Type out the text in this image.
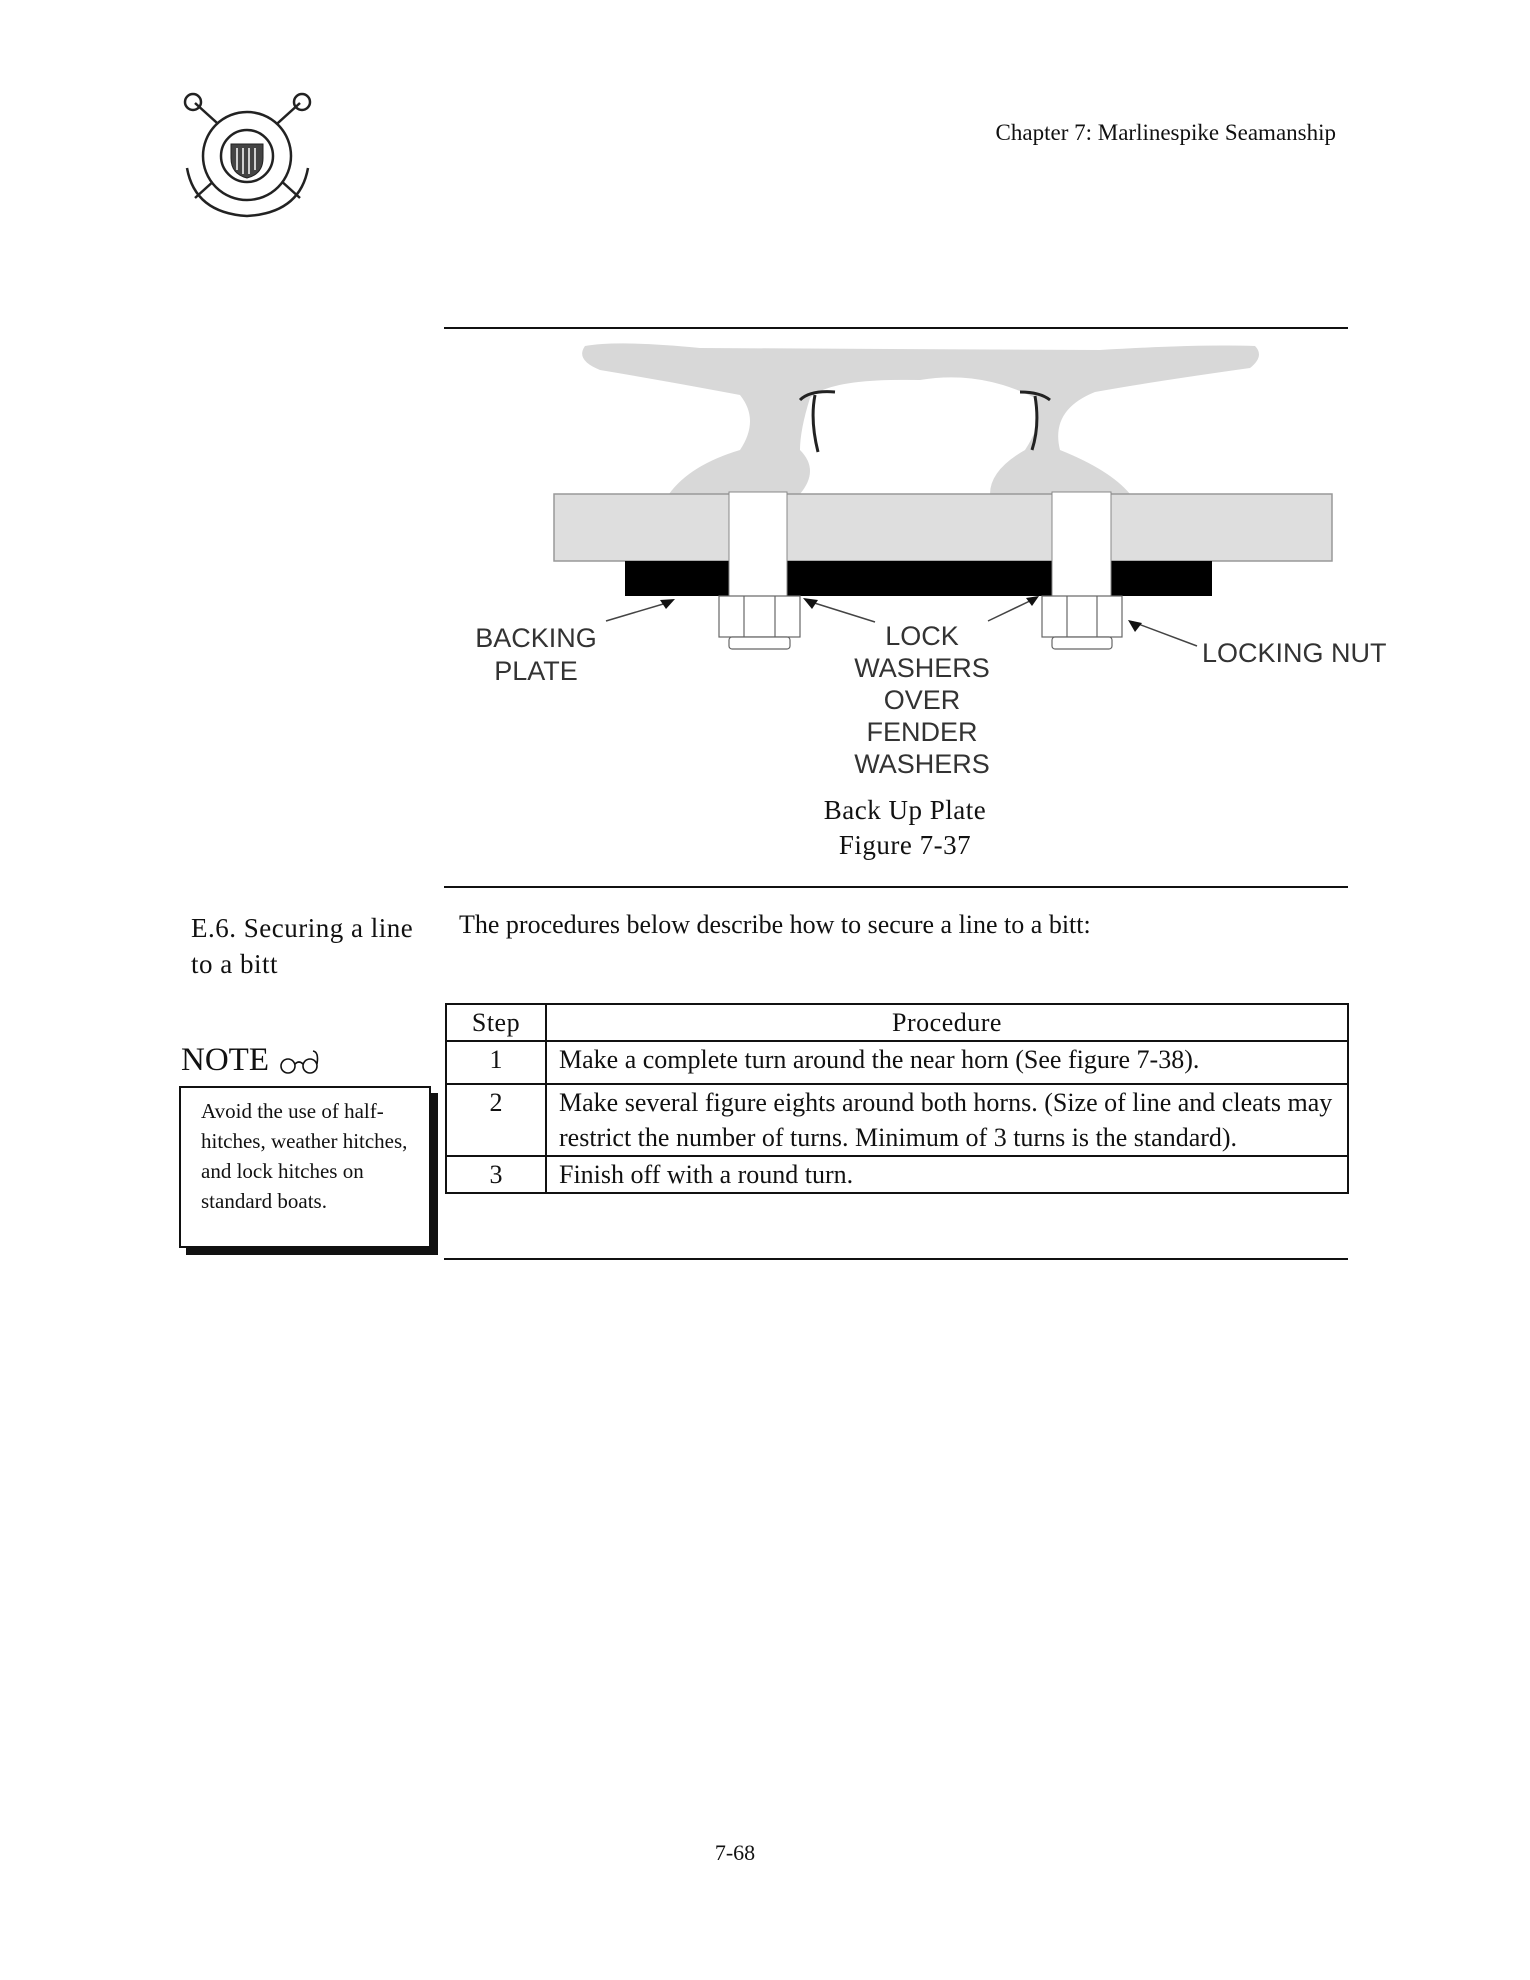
Chapter 7: Marlinespike Seamanship
BACKING
PLATE
LOCK
WASHERS
OVER
FENDER
WASHERS
LOCKING NUT
Back Up Plate
Figure 7-37
E.6. Securing a line to a bitt
The procedures below describe how to secure a line to a bitt:
Step	Procedure
1	Make a complete turn around the near horn (See figure 7-38).
2	Make several figure eights around both horns. (Size of line and cleats may restrict the number of turns. Minimum of 3 turns is the standard).
3	Finish off with a round turn.
NOTE
Avoid the use of half-hitches, weather hitches, and lock hitches on standard boats.
7-68
